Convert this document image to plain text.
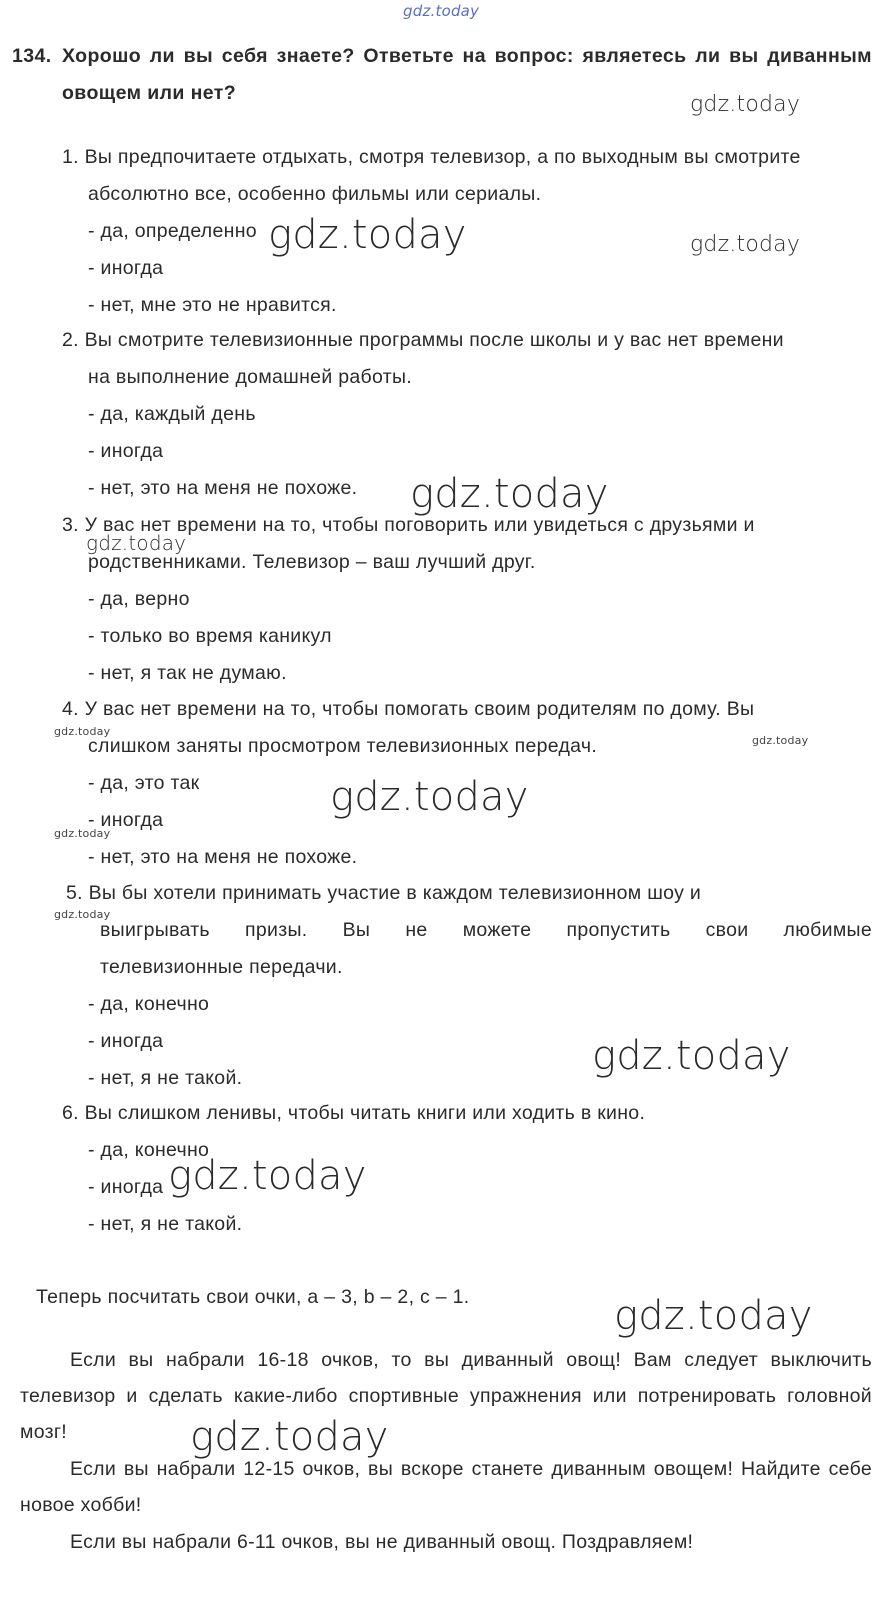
gdz.today
gdz.today
gdz.today	gdz.today
gdz.today
gdz.today
gdz.today
gdz.today
gdz.today
gdz.today
gdz.today
gdz.today
gdz.today
gdz.today
gdz.today
134. Хорошо ли вы себя знаете? Ответьте на вопрос: являетесь ли вы диванным овощем или нет?
1. Вы предпочитаете отдыхать, смотря телевизор, а по выходным вы смотрите
абсолютно все, особенно фильмы или сериалы.
- да, определенно
- иногда
- нет, мне это не нравится.
2. Вы смотрите телевизионные программы после школы и у вас нет времени
на выполнение домашней работы.
- да, каждый день
- иногда
- нет, это на меня не похоже.
3. У вас нет времени на то, чтобы поговорить или увидеться с друзьями и
родственниками. Телевизор – ваш лучший друг.
- да, верно
- только во время каникул
- нет, я так не думаю.
4. У вас нет времени на то, чтобы помогать своим родителям по дому. Вы
слишком заняты просмотром телевизионных передач.
- да, это так
- иногда
- нет, это на меня не похоже.
5. Вы бы хотели принимать участие в каждом телевизионном шоу и
выигрывать призы. Вы не можете пропустить свои любимые
телевизионные передачи.
- да, конечно
- иногда
- нет, я не такой.
6. Вы слишком ленивы, чтобы читать книги или ходить в кино.
- да, конечно
- иногда
- нет, я не такой.
Теперь посчитать свои очки, a – 3, b – 2, c – 1.
Если вы набрали 16-18 очков, то вы диванный овощ! Вам следует выключить телевизор и сделать какие-либо спортивные упражнения или потренировать головной мозг!
Если вы набрали 12-15 очков, вы вскоре станете диванным овощем! Найдите себе новое хобби!
Если вы набрали 6-11 очков, вы не диванный овощ. Поздравляем!
